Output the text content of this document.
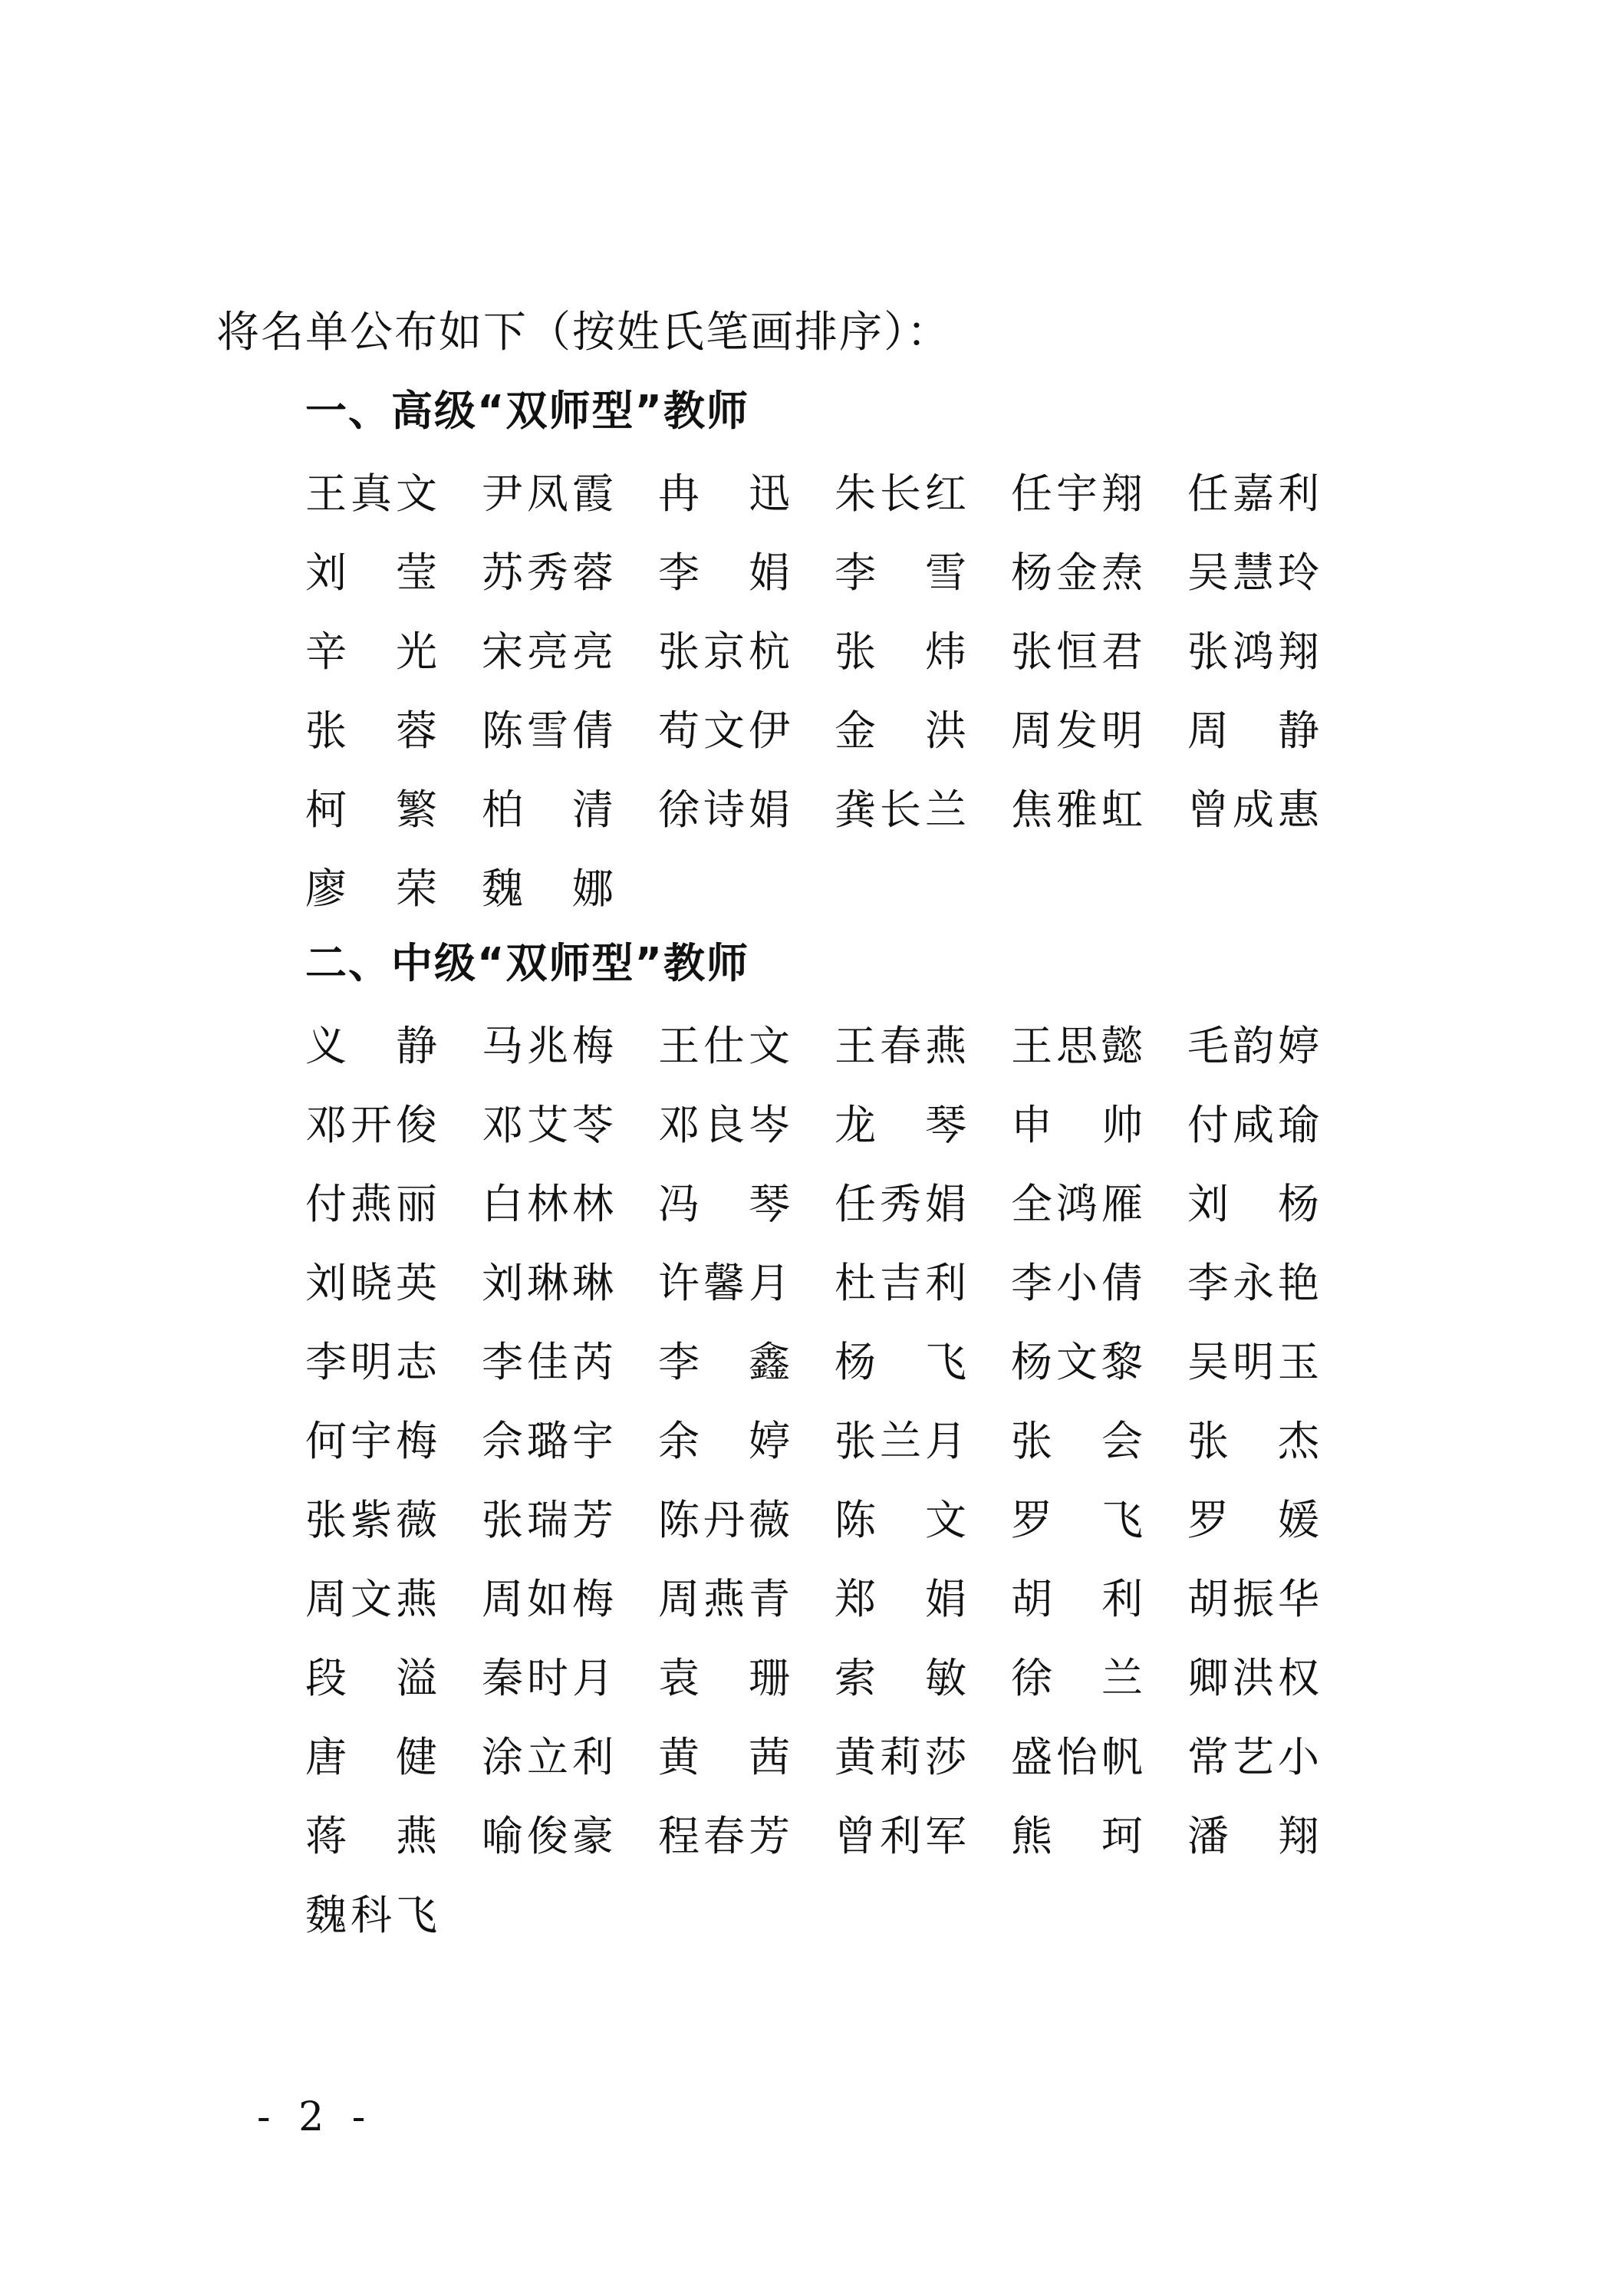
将名单公布如下（按姓氏笔画排序）：
一、高级“双师型”教师
王 真 文 尹 凤 霞 冉 迅 朱 长 红 任 宇 翔 任 嘉 利
刘 莹 苏 秀 蓉 李 娟 李 雪 杨 金 焘 吴 慧 玲
辛 光 宋 亮 亮 张 京 杭 张 炜 张 恒 君 张 鸿 翔
张 蓉 陈 雪 倩 苟 文 伊 金 洪 周 发 明 周 静
柯 繁 柏 清 徐 诗 娟 龚 长 兰 焦 雅 虹 曾 成 惠
廖 荣 魏 娜
二、中级“双师型”教师
义 静 马 兆 梅 王 仕 文 王 春 燕 王 思 懿 毛 韵 婷
邓 开 俊 邓 艾 苓 邓 良 岑 龙 琴 申 帅 付 咸 瑜
付 燕 丽 白 林 林 冯 琴 任 秀 娟 全 鸿 雁 刘 杨
刘 晓 英 刘 琳 琳 许 馨 月 杜 吉 利 李 小 倩 李 永 艳
李 明 志 李 佳 芮 李 鑫 杨 飞 杨 文 黎 吴 明 玉
何 宇 梅 佘 璐 宇 余 婷 张 兰 月 张 会 张 杰
张 紫 薇 张 瑞 芳 陈 丹 薇 陈 文 罗 飞 罗 媛
周 文 燕 周 如 梅 周 燕 青 郑 娟 胡 利 胡 振 华
段 溢 秦 时 月 袁 珊 索 敏 徐 兰 卿 洪 权
唐 健 涂 立 利 黄 茜 黄 莉 莎 盛 怡 帆 常 艺 小
蒋 燕 喻 俊 豪 程 春 芳 曾 利 军 熊 珂 潘 翔
魏 科 飞
- 2 -
